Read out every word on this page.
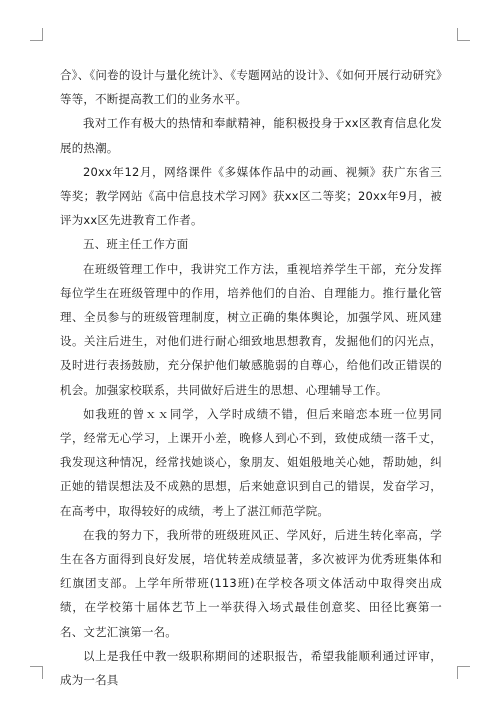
合》、《问卷的设计与量化统计》、《专题网站的设计》、《如何开展行动研究》等等，不断提高教工们的业务水平。

我对工作有极大的热情和奉献精神，能积极投身于xx区教育信息化发展的热潮。

20xx年12月，网络课件《多媒体作品中的动画、视频》获广东省三等奖；教学网站《高中信息技术学习网》获xx区二等奖；20xx年9月，被评为xx区先进教育工作者。

五、班主任工作方面

在班级管理工作中，我讲究工作方法，重视培养学生干部，充分发挥每位学生在班级管理中的作用，培养他们的自治、自理能力。推行量化管理、全员参与的班级管理制度，树立正确的集体舆论，加强学风、班风建设。关注后进生，对他们进行耐心细致地思想教育，发掘他们的闪光点，及时进行表扬鼓励，充分保护他们敏感脆弱的自尊心，给他们改正错误的机会。加强家校联系，共同做好后进生的思想、心理辅导工作。

如我班的曾ｘｘ同学，入学时成绩不错，但后来暗恋本班一位男同学，经常无心学习，上课开小差，晚修人到心不到，致使成绩一落千丈，我发现这种情况，经常找她谈心，象朋友、姐姐般地关心她，帮助她，纠正她的错误想法及不成熟的思想，后来她意识到自己的错误，发奋学习，在高考中，取得较好的成绩，考上了湛江师范学院。

在我的努力下，我所带的班级班风正、学风好，后进生转化率高，学生在各方面得到良好发展，培优转差成绩显著，多次被评为优秀班集体和红旗团支部。上学年所带班(113班)在学校各项文体活动中取得突出成绩，在学校第十届体艺节上一举获得入场式最佳创意奖、田径比赛第一名、文艺汇演第一名。

以上是我任中教一级职称期间的述职报告，希望我能顺利通过评审，成为一名具
